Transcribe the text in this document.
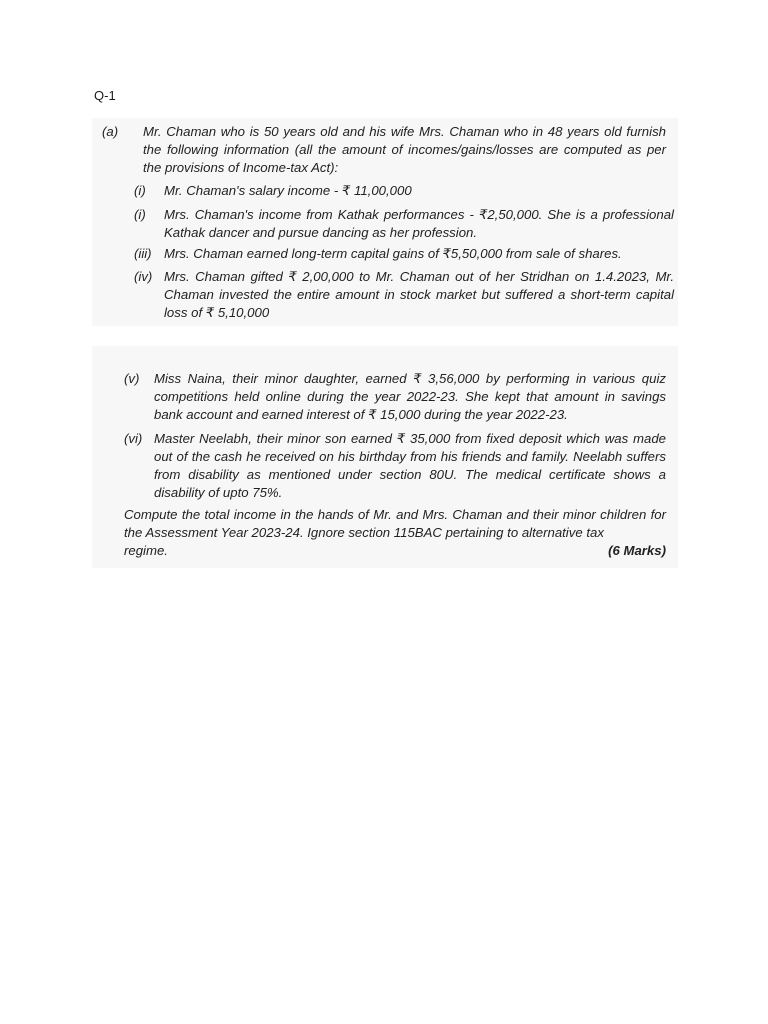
Q-1
(a) Mr. Chaman who is 50 years old and his wife Mrs. Chaman who in 48 years old furnish the following information (all the amount of incomes/gains/losses are computed as per the provisions of Income-tax Act):
(i) Mr. Chaman's salary income - ₹ 11,00,000
(i) Mrs. Chaman's income from Kathak performances - ₹2,50,000. She is a professional Kathak dancer and pursue dancing as her profession.
(iii) Mrs. Chaman earned long-term capital gains of ₹5,50,000 from sale of shares.
(iv) Mrs. Chaman gifted ₹ 2,00,000 to Mr. Chaman out of her Stridhan on 1.4.2023, Mr. Chaman invested the entire amount in stock market but suffered a short-term capital loss of ₹ 5,10,000
(v) Miss Naina, their minor daughter, earned ₹ 3,56,000 by performing in various quiz competitions held online during the year 2022-23. She kept that amount in savings bank account and earned interest of ₹ 15,000 during the year 2022-23.
(vi) Master Neelabh, their minor son earned ₹ 35,000 from fixed deposit which was made out of the cash he received on his birthday from his friends and family. Neelabh suffers from disability as mentioned under section 80U. The medical certificate shows a disability of upto 75%.
Compute the total income in the hands of Mr. and Mrs. Chaman and their minor children for the Assessment Year 2023-24. Ignore section 115BAC pertaining to alternative tax
regime.	(6 Marks)
